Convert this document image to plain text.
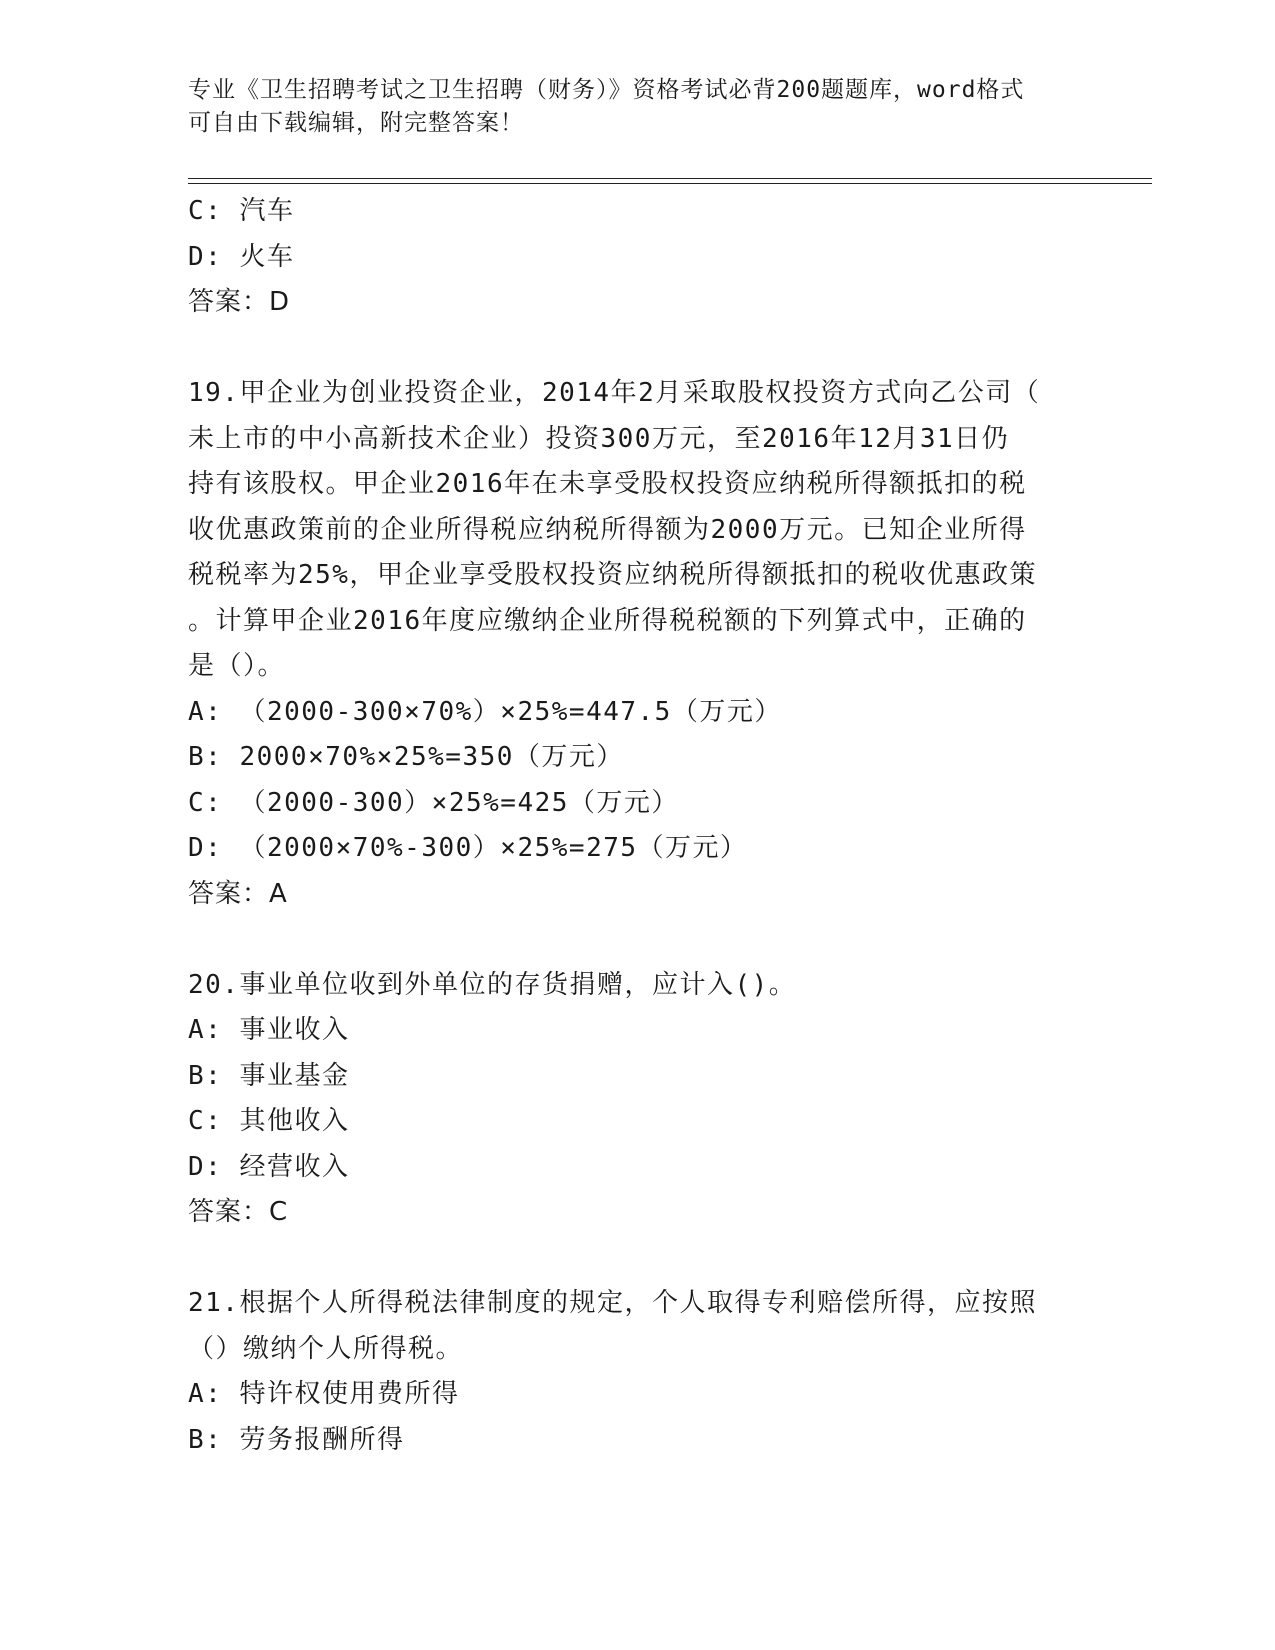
专业《卫生招聘考试之卫生招聘（财务）》资格考试必背200题题库，word格式
可自由下载编辑，附完整答案！
C: 汽车
D: 火车
答案：D
19.甲企业为创业投资企业，2014年2月采取股权投资方式向乙公司（
未上市的中小高新技术企业）投资300万元，至2016年12月31日仍
持有该股权。甲企业2016年在未享受股权投资应纳税所得额抵扣的税
收优惠政策前的企业所得税应纳税所得额为2000万元。已知企业所得
税税率为25%，甲企业享受股权投资应纳税所得额抵扣的税收优惠政策
。计算甲企业2016年度应缴纳企业所得税税额的下列算式中，正确的
是（）。
A: （2000-300×70%）×25%=447.5（万元）
B: 2000×70%×25%=350（万元）
C: （2000-300）×25%=425（万元）
D: （2000×70%-300）×25%=275（万元）
答案：A
20.事业单位收到外单位的存货捐赠，应计入()。
A: 事业收入
B: 事业基金
C: 其他收入
D: 经营收入
答案：C
21.根据个人所得税法律制度的规定，个人取得专利赔偿所得，应按照
（）缴纳个人所得税。
A: 特许权使用费所得
B: 劳务报酬所得
